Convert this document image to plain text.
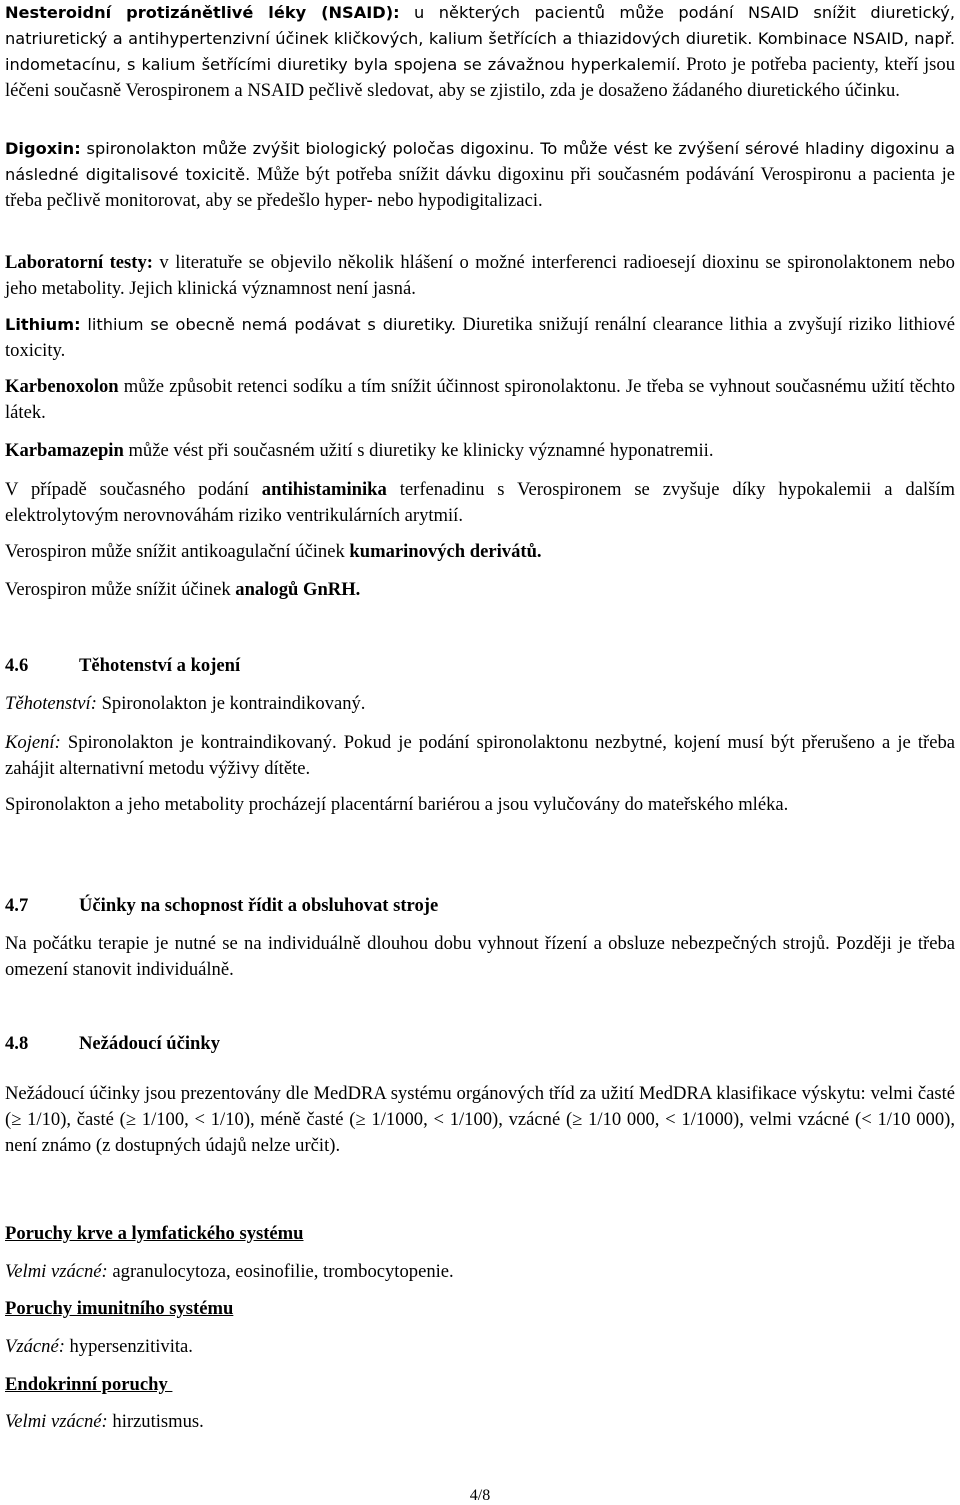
Nesteroidní protizánětlivé léky (NSAID): u některých pacientů může podání NSAID snížit diuretický, natriuretický a antihypertenzivní účinek kličkových, kalium šetřících a thiazidových diuretik. Kombinace NSAID, např. indometacínu, s kalium šetřícími diuretiky byla spojena se závažnou hyperkalemií. Proto je potřeba pacienty, kteří jsou léčeni současně Verospironem a NSAID pečlivě sledovat, aby se zjistilo, zda je dosaženo žádaného diuretického účinku.

Digoxin: spironolakton může zvýšit biologický poločas digoxinu. To může vést ke zvýšení sérové hladiny digoxinu a následné digitalisové toxicitě. Může být potřeba snížit dávku digoxinu při současném podávání Verospironu a pacienta je třeba pečlivě monitorovat, aby se předešlo hyper- nebo hypodigitalizaci.

Laboratorní testy: v literatuře se objevilo několik hlášení o možné interferenci radioesejí dioxinu se spironolaktonem nebo jeho metabolity. Jejich klinická významnost není jasná.

Lithium: lithium se obecně nemá podávat s diuretiky. Diuretika snižují renální clearance lithia a zvyšují riziko lithiové toxicity.

Karbenoxolon může způsobit retenci sodíku a tím snížit účinnost spironolaktonu. Je třeba se vyhnout současnému užití těchto látek.

Karbamazepin může vést při současném užití s diuretiky ke klinicky významné hyponatremii.

V případě současného podání antihistaminika terfenadinu s Verospironem se zvyšuje díky hypokalemii a dalším elektrolytovým nerovnováhám riziko ventrikulárních arytmií.

Verospiron může snížit antikoagulační účinek kumarinových derivátů.

Verospiron může snížit účinek analogů GnRH.

4.6	Těhotenství a kojení

Těhotenství: Spironolakton je kontraindikovaný.

Kojení: Spironolakton je kontraindikovaný. Pokud je podání spironolaktonu nezbytné, kojení musí být přerušeno a je třeba zahájit alternativní metodu výživy dítěte.

Spironolakton a jeho metabolity procházejí placentární bariérou a jsou vylučovány do mateřského mléka.

4.7	Účinky na schopnost řídit a obsluhovat stroje

Na počátku terapie je nutné se na individuálně dlouhou dobu vyhnout řízení a obsluze nebezpečných strojů. Později je třeba omezení stanovit individuálně.

4.8	Nežádoucí účinky

Nežádoucí účinky jsou prezentovány dle MedDRA systému orgánových tříd za užití MedDRA klasifikace výskytu: velmi časté (≥ 1/10), časté (≥ 1/100, < 1/10), méně časté (≥ 1/1000, < 1/100), vzácné (≥ 1/10 000, < 1/1000), velmi vzácné (< 1/10 000), není známo (z dostupných údajů nelze určit).

Poruchy krve a lymfatického systému

Velmi vzácné: agranulocytoza, eosinofilie, trombocytopenie.

Poruchy imunitního systému

Vzácné: hypersenzitivita.

Endokrinní poruchy

Velmi vzácné: hirzutismus.

4/8
